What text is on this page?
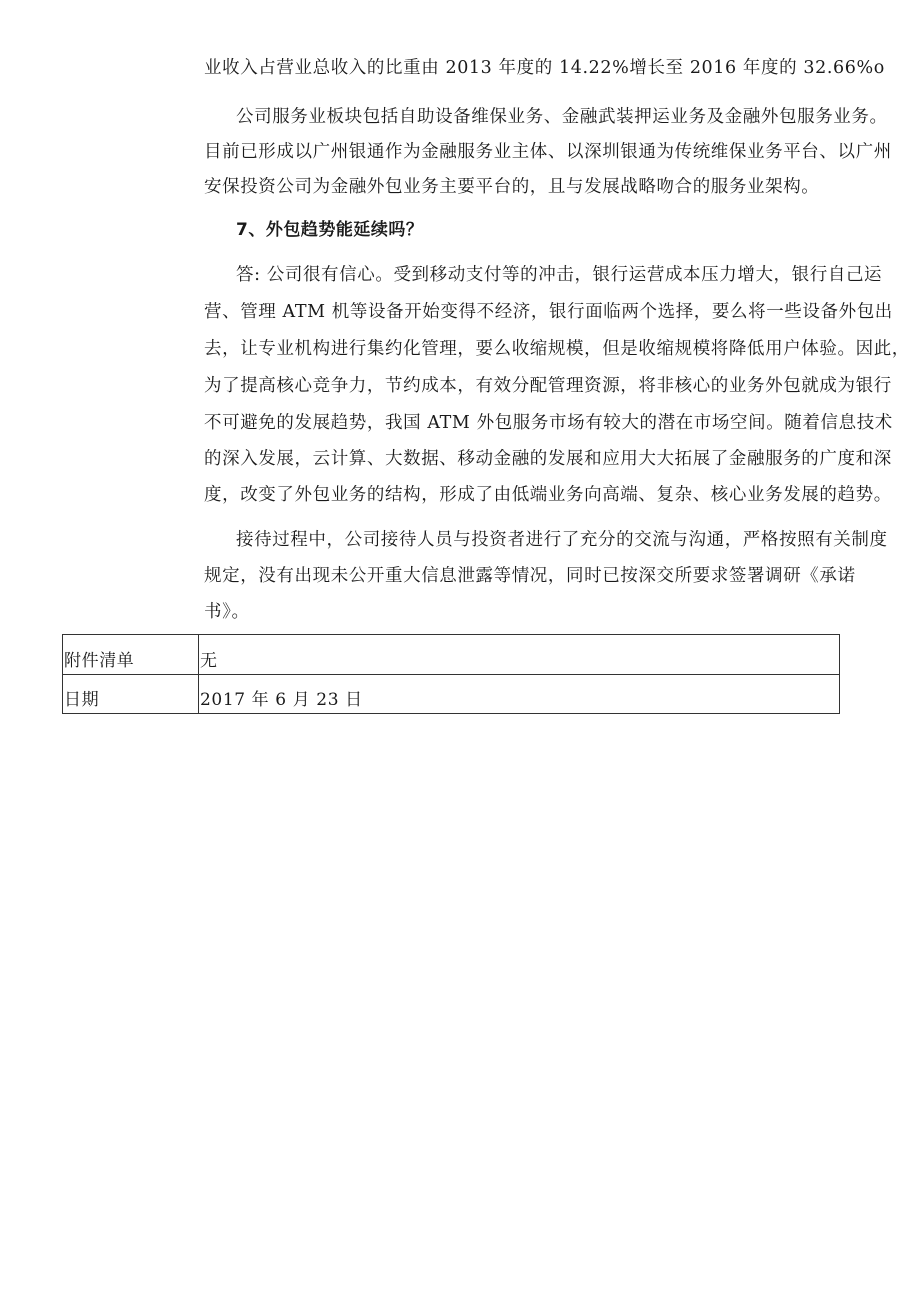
业收入占营业总收入的比重由 2013 年度的 14.22%增长至 2016 年度的 32.66%o
公司服务业板块包括自助设备维保业务、金融武装押运业务及金融外包服务业务。
目前已形成以广州银通作为金融服务业主体、以深圳银通为传统维保业务平台、以广州
安保投资公司为金融外包业务主要平台的，且与发展战略吻合的服务业架构。
7、外包趋势能延续吗？
答: 公司很有信心。受到移动支付等的冲击，银行运营成本压力增大，银行自己运
营、管理 ATM 机等设备开始变得不经济，银行面临两个选择，要么将一些设备外包出
去，让专业机构进行集约化管理，要么收缩规模，但是收缩规模将降低用户体验。因此，
为了提高核心竞争力，节约成本，有效分配管理资源，将非核心的业务外包就成为银行
不可避免的发展趋势，我国 ATM 外包服务市场有较大的潜在市场空间。随着信息技术
的深入发展，云计算、大数据、移动金融的发展和应用大大拓展了金融服务的广度和深
度，改变了外包业务的结构，形成了由低端业务向高端、复杂、核心业务发展的趋势。
接待过程中，公司接待人员与投资者进行了充分的交流与沟通，严格按照有关制度
规定，没有出现未公开重大信息泄露等情况，同时已按深交所要求签署调研《承诺
书》。
附件清单	无
日期	2017 年 6 月 23 日
